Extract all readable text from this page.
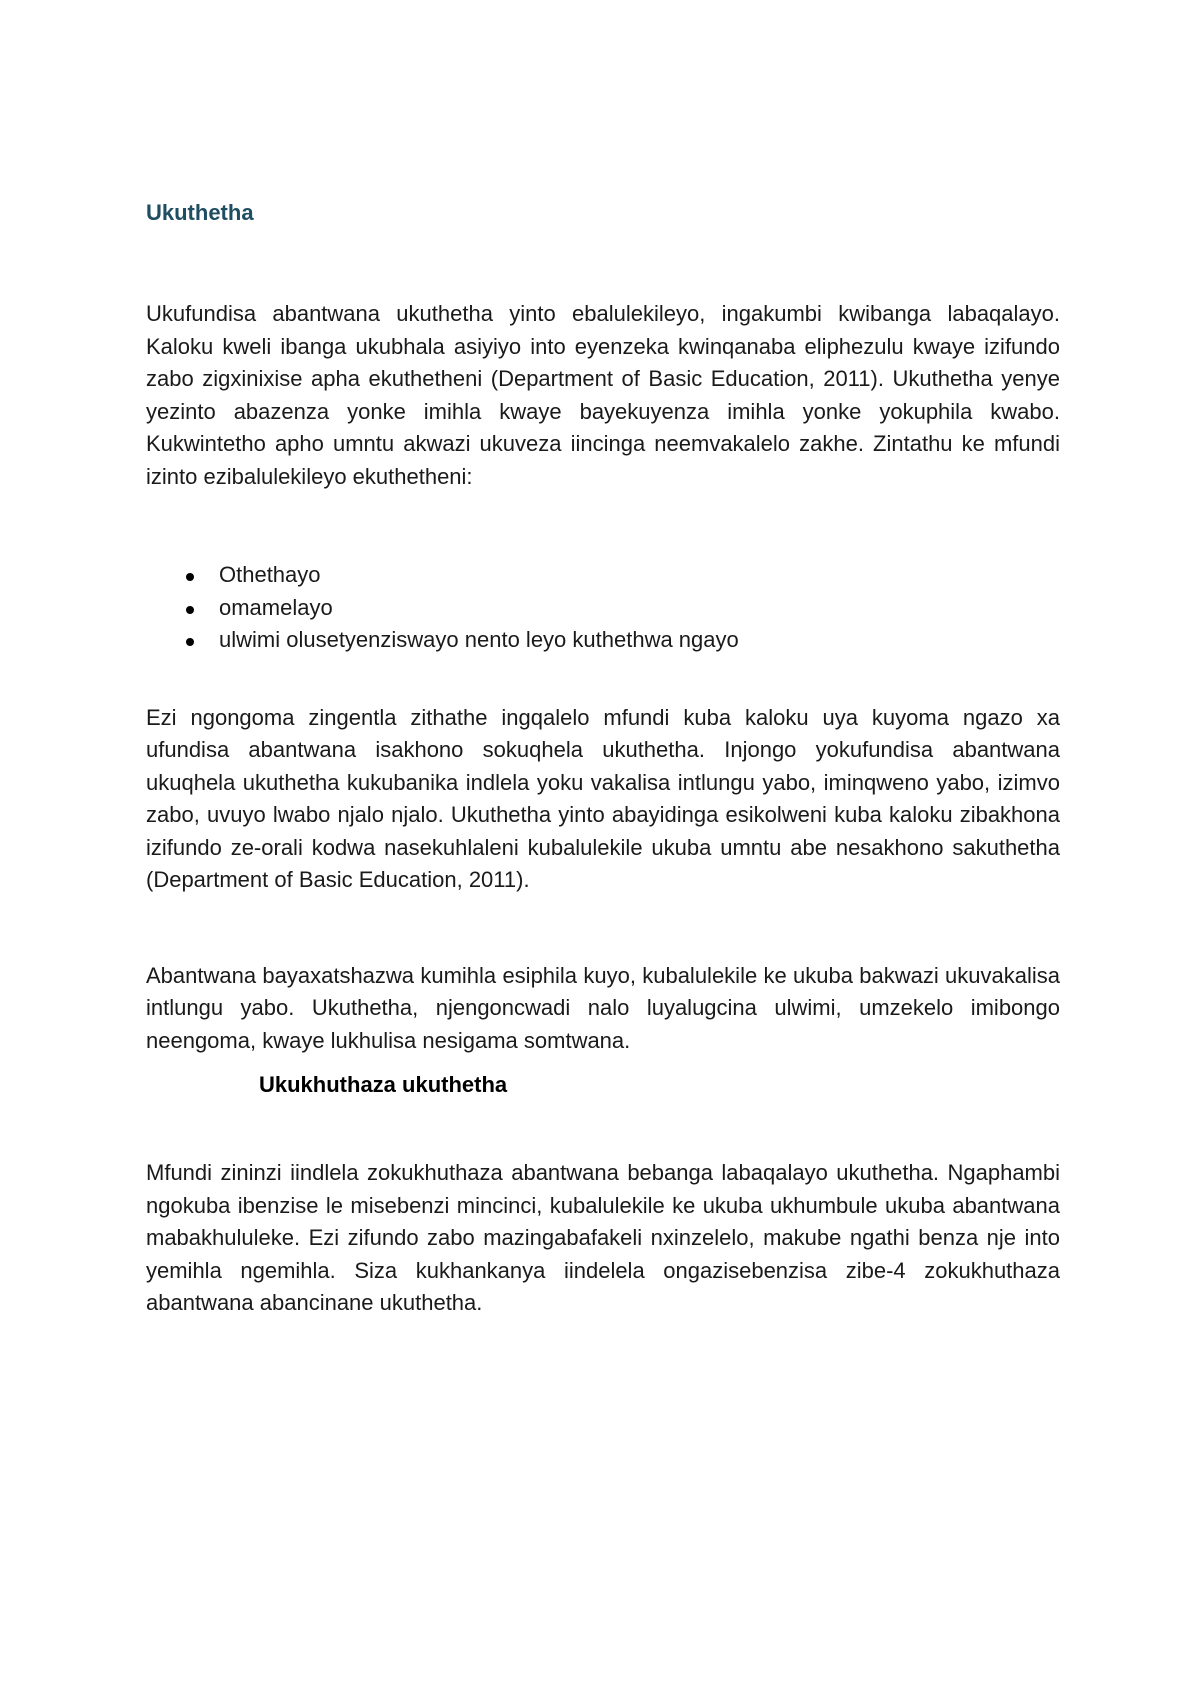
Ukuthetha

Ukufundisa abantwana ukuthetha yinto ebalulekileyo, ingakumbi kwibanga labaqalayo. Kaloku kweli ibanga ukubhala asiyiyo into eyenzeka kwinqanaba eliphezulu kwaye izifundo zabo zigxinixise apha ekuthetheni (Department of Basic Education, 2011). Ukuthetha yenye yezinto abazenza yonke imihla kwaye bayekuyenza imihla yonke yokuphila kwabo. Kukwintetho apho umntu akwazi ukuveza iincinga neemvakalelo zakhe. Zintathu ke mfundi izinto ezibalulekileyo ekuthetheni:

Othethayo
omamelayo
ulwimi olusetyenziswayo nento leyo kuthethwa ngayo

Ezi ngongoma zingentla zithathe ingqalelo mfundi kuba kaloku uya kuyoma ngazo xa ufundisa abantwana isakhono sokuqhela ukuthetha. Injongo yokufundisa abantwana ukuqhela ukuthetha kukubanika indlela yoku vakalisa intlungu yabo, iminqweno yabo, izimvo zabo, uvuyo lwabo njalo njalo. Ukuthetha yinto abayidinga esikolweni kuba kaloku zibakhona izifundo ze-orali kodwa nasekuhlaleni kubalulekile ukuba umntu abe nesakhono sakuthetha (Department of Basic Education, 2011).

Abantwana bayaxatshazwa kumihla esiphila kuyo, kubalulekile ke ukuba bakwazi ukuvakalisa intlungu yabo. Ukuthetha, njengoncwadi nalo luyalugcina ulwimi, umzekelo imibongo neengoma, kwaye lukhulisa nesigama somtwana.

Ukukhuthaza ukuthetha

Mfundi zininzi iindlela zokukhuthaza abantwana bebanga labaqalayo ukuthetha. Ngaphambi ngokuba ibenzise le misebenzi mincinci, kubalulekile ke ukuba ukhumbule ukuba abantwana mabakhululeke. Ezi zifundo zabo mazingabafakeli nxinzelelo, makube ngathi benza nje into yemihla ngemihla. Siza kukhankanya iindelela ongazisebenzisa zibe-4 zokukhuthaza abantwana abancinane ukuthetha.
